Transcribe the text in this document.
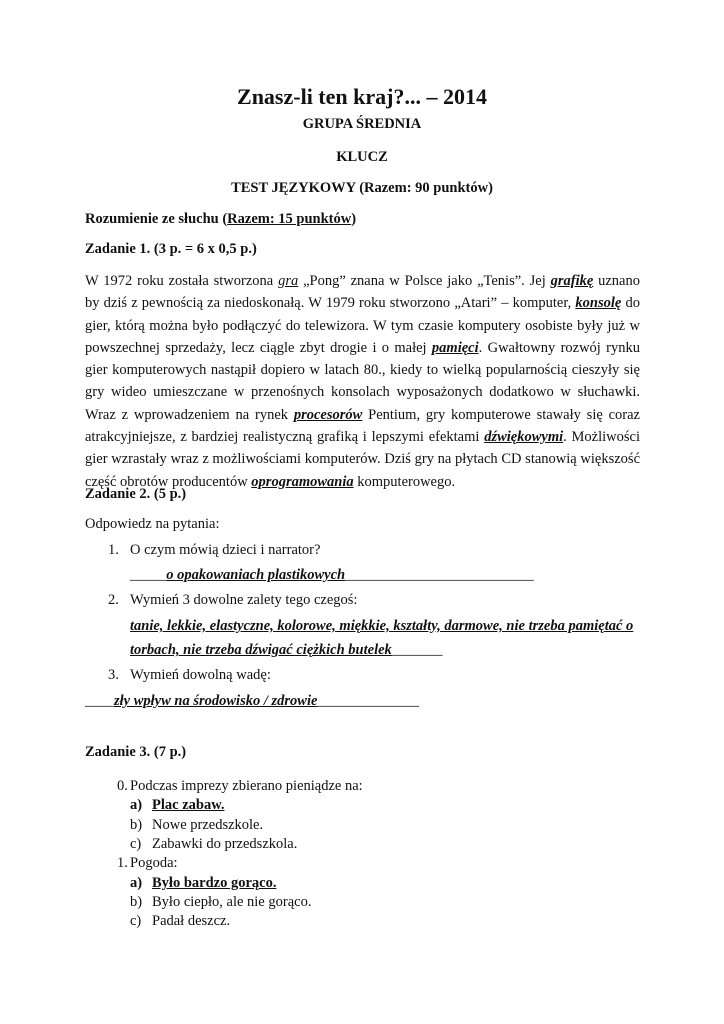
Znasz-li ten kraj?... – 2014
GRUPA ŚREDNIA
KLUCZ
TEST JĘZYKOWY (Razem: 90 punktów)
Rozumienie ze słuchu (Razem: 15 punktów)
Zadanie 1. (3 p. = 6 x 0,5 p.)
W 1972 roku została stworzona gra „Pong” znana w Polsce jako „Tenis”. Jej grafikę uznano by dziś z pewnością za niedoskonałą. W 1979 roku stworzono „Atari” – komputer, konsolę do gier, którą można było podłączyć do telewizora. W tym czasie komputery osobiste były już w powszechnej sprzedaży, lecz ciągle zbyt drogie i o małej pamięci. Gwałtowny rozwój rynku gier komputerowych nastąpił dopiero w latach 80., kiedy to wielką popularnością cieszyły się gry wideo umieszczane w przenośnych konsolach wyposażonych dodatkowo w słuchawki. Wraz z wprowadzeniem na rynek procesorów Pentium, gry komputerowe stawały się coraz atrakcyjniejsze, z bardziej realistyczną grafiką i lepszymi efektami dźwiękowymi. Możliwości gier wzrastały wraz z możliwościami komputerów. Dziś gry na płytach CD stanowią większość część obrotów producentów oprogramowania komputerowego.
Zadanie 2. (5 p.)
Odpowiedz na pytania:
1. O czym mówią dzieci i narrator?
_____o opakowaniach plastikowych__________________________
2. Wymień 3 dowolne zalety tego czegoś:
tanie, lekkie, elastyczne, kolorowe, miękkie, kształty, darmowe, nie trzeba pamiętać o
torbach, nie trzeba dźwigać ciężkich butelek_______
3. Wymień dowolną wadę:
____zły wpływ na środowisko / zdrowie______________
Zadanie 3. (7 p.)
0. Podczas imprezy zbierano pieniądze na:
a) Plac zabaw.
b) Nowe przedszkole.
c) Zabawki do przedszkola.
1. Pogoda:
a) Było bardzo gorąco.
b) Było ciepło, ale nie gorąco.
c) Padał deszcz.
